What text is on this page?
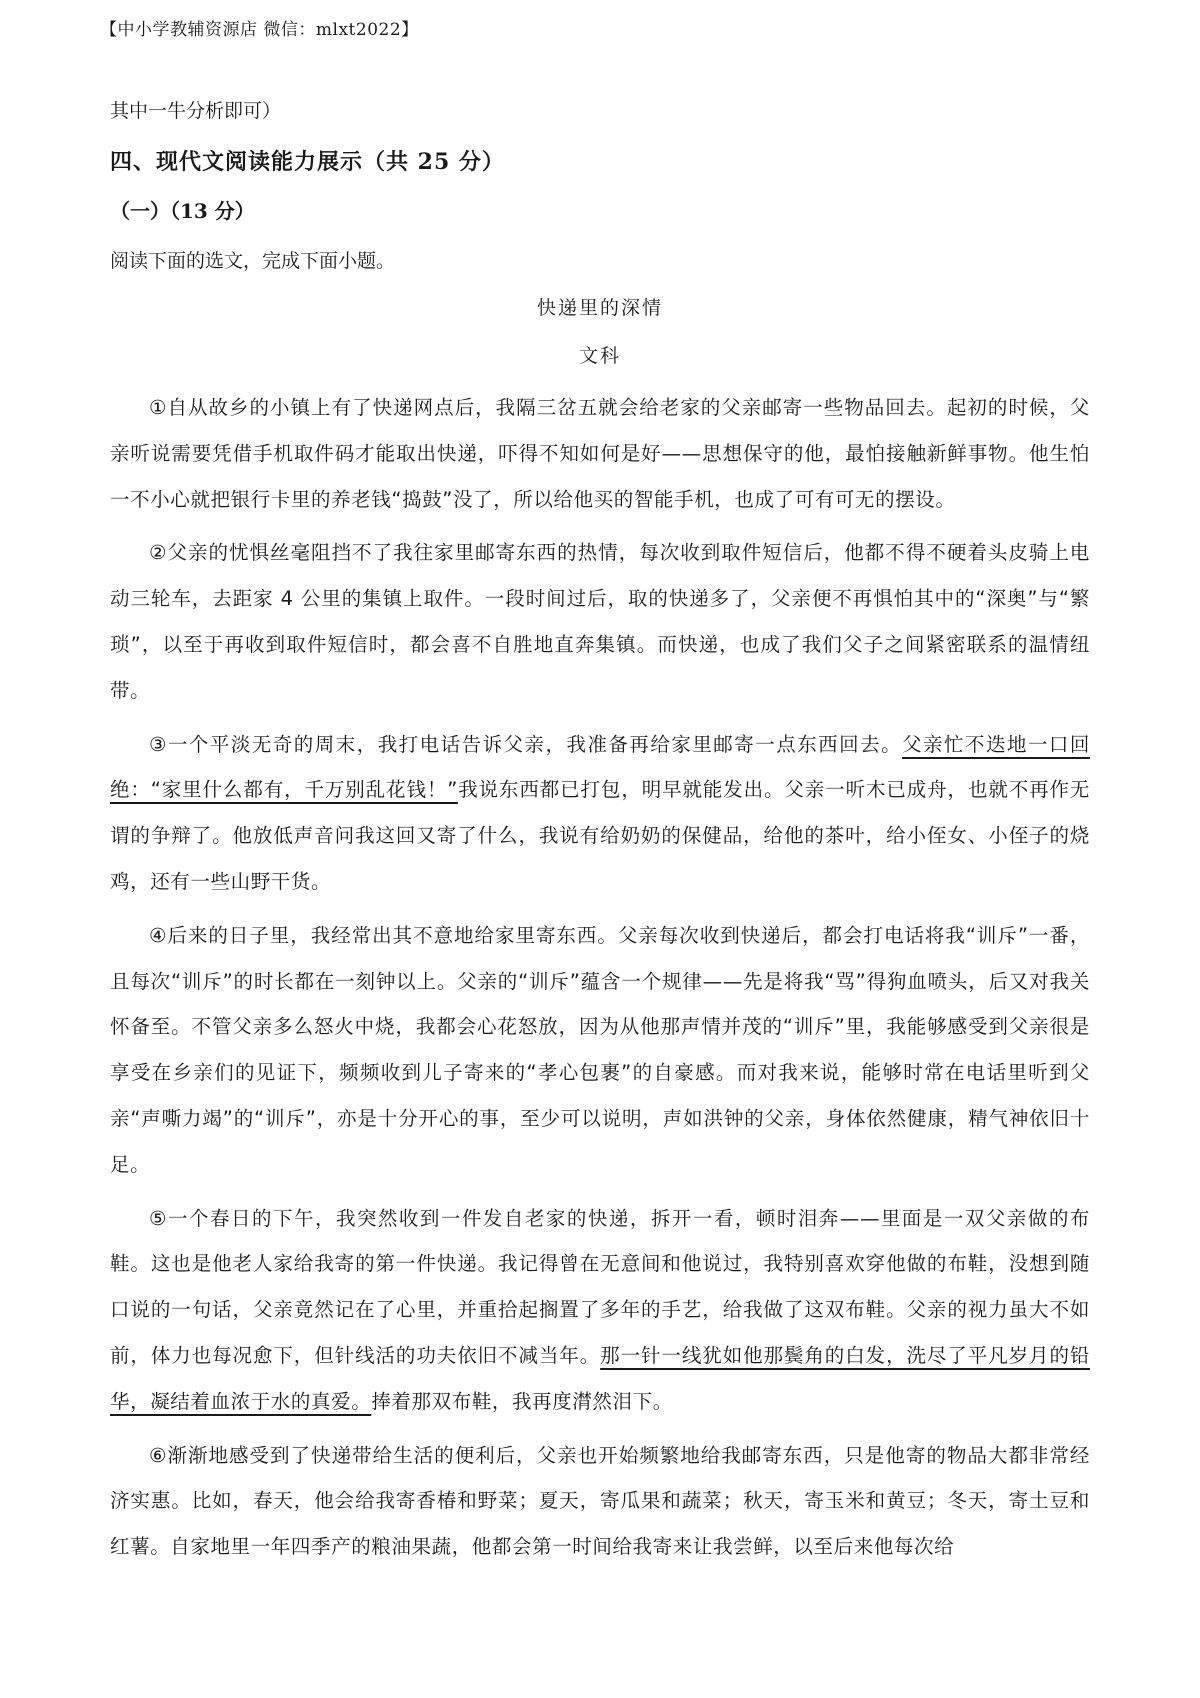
【中小学教辅资源店 微信：mlxt2022】
其中一牛分析即可）
四、现代文阅读能力展示（共 25 分）
（一）（13 分）
阅读下面的选文，完成下面小题。
快递里的深情
文科

①自从故乡的小镇上有了快递网点后，我隔三岔五就会给老家的父亲邮寄一些物品回去。起初的时候，父亲听说需要凭借手机取件码才能取出快递，吓得不知如何是好——思想保守的他，最怕接触新鲜事物。他生怕一不小心就把银行卡里的养老钱“捣鼓”没了，所以给他买的智能手机，也成了可有可无的摆设。

②父亲的忧惧丝毫阻挡不了我往家里邮寄东西的热情，每次收到取件短信后，他都不得不硬着头皮骑上电动三轮车，去距家 4 公里的集镇上取件。一段时间过后，取的快递多了，父亲便不再惧怕其中的“深奥”与“繁琐”，以至于再收到取件短信时，都会喜不自胜地直奔集镇。而快递，也成了我们父子之间紧密联系的温情纽带。

③一个平淡无奇的周末，我打电话告诉父亲，我准备再给家里邮寄一点东西回去。父亲忙不迭地一口回绝：“家里什么都有，千万别乱花钱！”我说东西都已打包，明早就能发出。父亲一听木已成舟，也就不再作无谓的争辩了。他放低声音问我这回又寄了什么，我说有给奶奶的保健品，给他的茶叶，给小侄女、小侄子的烧鸡，还有一些山野干货。

④后来的日子里，我经常出其不意地给家里寄东西。父亲每次收到快递后，都会打电话将我“训斥”一番，且每次“训斥”的时长都在一刻钟以上。父亲的“训斥”蕴含一个规律——先是将我“骂”得狗血喷头，后又对我关怀备至。不管父亲多么怒火中烧，我都会心花怒放，因为从他那声情并茂的“训斥”里，我能够感受到父亲很是享受在乡亲们的见证下，频频收到儿子寄来的“孝心包裹”的自豪感。而对我来说，能够时常在电话里听到父亲“声嘶力竭”的“训斥”，亦是十分开心的事，至少可以说明，声如洪钟的父亲，身体依然健康，精气神依旧十足。

⑤一个春日的下午，我突然收到一件发自老家的快递，拆开一看，顿时泪奔——里面是一双父亲做的布鞋。这也是他老人家给我寄的第一件快递。我记得曾在无意间和他说过，我特别喜欢穿他做的布鞋，没想到随口说的一句话，父亲竟然记在了心里，并重拾起搁置了多年的手艺，给我做了这双布鞋。父亲的视力虽大不如前，体力也每况愈下，但针线活的功夫依旧不减当年。那一针一线犹如他那鬓角的白发，洗尽了平凡岁月的铅华，凝结着血浓于水的真爱。捧着那双布鞋，我再度潸然泪下。

⑥渐渐地感受到了快递带给生活的便利后，父亲也开始频繁地给我邮寄东西，只是他寄的物品大都非常经济实惠。比如，春天，他会给我寄香椿和野菜；夏天，寄瓜果和蔬菜；秋天，寄玉米和黄豆；冬天，寄土豆和红薯。自家地里一年四季产的粮油果蔬，他都会第一时间给我寄来让我尝鲜，以至后来他每次给
